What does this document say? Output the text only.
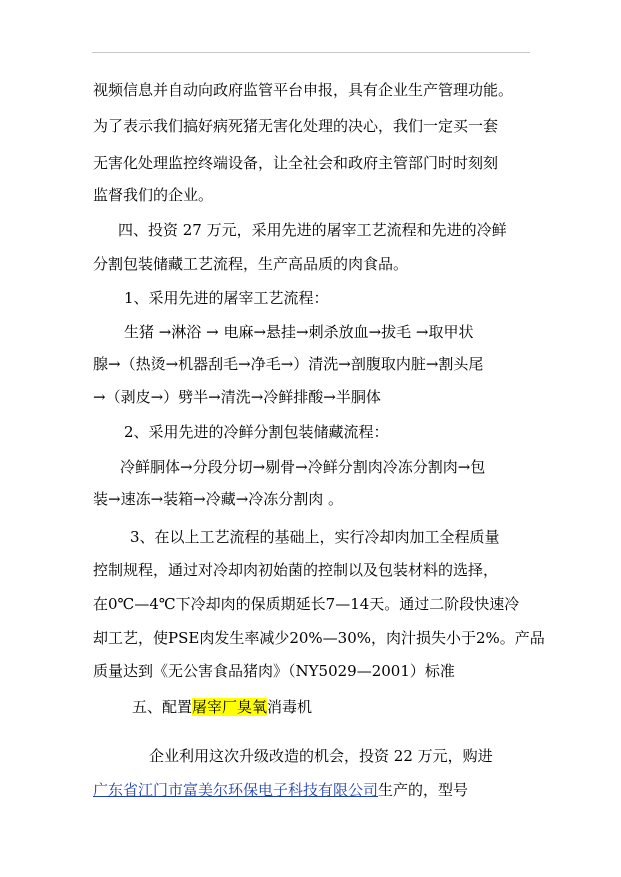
视频信息并自动向政府监管平台申报，具有企业生产管理功能。
为了表示我们搞好病死猪无害化处理的决心，我们一定买一套
无害化处理监控终端设备，让全社会和政府主管部门时时刻刻
监督我们的企业。
四、投资 27 万元，采用先进的屠宰工艺流程和先进的冷鲜
分割包装储藏工艺流程，生产高品质的肉食品。
1、采用先进的屠宰工艺流程：
生猪 →淋浴 → 电麻→悬挂→刺杀放血→拔毛 →取甲状
腺→（热烫→机器刮毛→净毛→）清洗→剖腹取内脏→割头尾
→（剥皮→）劈半→清洗→冷鲜排酸→半胴体
2、采用先进的冷鲜分割包装储藏流程：
冷鲜胴体→分段分切→剔骨→冷鲜分割肉冷冻分割肉→包
装→速冻→装箱→冷藏→冷冻分割肉 。
3、在以上工艺流程的基础上，实行冷却肉加工全程质量
控制规程，通过对冷却肉初始菌的控制以及包装材料的选择，
在0℃—4℃下冷却肉的保质期延长7—14天。通过二阶段快速冷
却工艺，使PSE肉发生率减少20%—30%，肉汁损失小于2%。产品
质量达到《无公害食品猪肉》（NY5029—2001）标准
五、配置屠宰厂臭氧消毒机
企业利用这次升级改造的机会，投资 22 万元，购进
广东省江门市富美尔环保电子科技有限公司生产的，型号
